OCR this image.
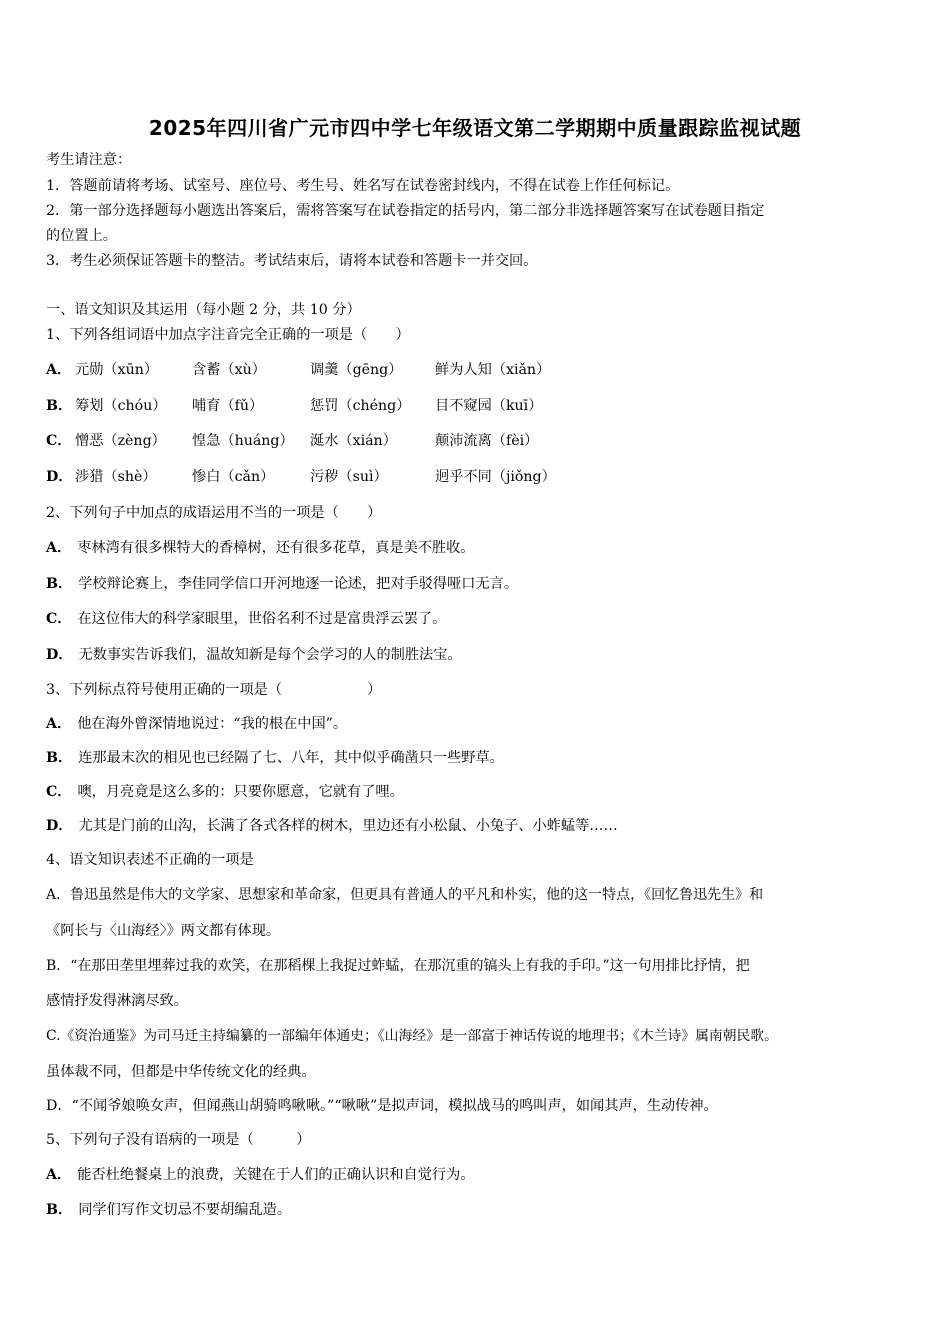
2025年四川省广元市四中学七年级语文第二学期期中质量跟踪监视试题
考生请注意：
1．答题前请将考场、试室号、座位号、考生号、姓名写在试卷密封线内，不得在试卷上作任何标记。
2．第一部分选择题每小题选出答案后，需将答案写在试卷指定的括号内，第二部分非选择题答案写在试卷题目指定
的位置上。
3．考生必须保证答题卡的整洁。考试结束后，请将本试卷和答题卡一并交回。
一、语文知识及其运用（每小题 2 分，共 10 分）
1、下列各组词语中加点字注音完全正确的一项是（　　）
A． 元勋（xūn） 含蓄（xù）	调羹（gēng） 鲜为人知（xiǎn）
B． 筹划（chóu） 哺育（fǔ）	惩罚（chéng） 目不窥园（kuī）
C． 憎恶（zèng） 惶急（huáng） 涎水（xián）	颠沛流离（fèi）
D． 涉猎（shè） 惨白（cǎn）	污秽（suì）	迥乎不同（jiǒng）
2、下列句子中加点的成语运用不当的一项是（　　）
A． 枣林湾有很多棵特大的香樟树，还有很多花草，真是美不胜收。
B． 学校辩论赛上，李佳同学信口开河地逐一论述，把对手驳得哑口无言。
C． 在这位伟大的科学家眼里，世俗名利不过是富贵浮云罢了。
D． 无数事实告诉我们，温故知新是每个会学习的人的制胜法宝。
3、下列标点符号使用正确的一项是（　　　　　　）
A． 他在海外曾深情地说过：“我的根在中国”。
B． 连那最末次的相见也已经隔了七、八年，其中似乎确凿只一些野草。
C． 噢，月亮竟是这么多的：只要你愿意，它就有了哩。
D． 尤其是门前的山沟，长满了各式各样的树木，里边还有小松鼠、小兔子、小蚱蜢等……
4、语文知识表述不正确的一项是
A．鲁迅虽然是伟大的文学家、思想家和革命家，但更具有普通人的平凡和朴实，他的这一特点，《回忆鲁迅先生》和
《阿长与〈山海经〉》两文都有体现。
B．“在那田垄里埋葬过我的欢笑，在那稻棵上我捉过蚱蜢，在那沉重的镐头上有我的手印。”这一句用排比抒情，把
感情抒发得淋漓尽致。
C.《资治通鉴》为司马迁主持编纂的一部编年体通史；《山海经》是一部富于神话传说的地理书；《木兰诗》属南朝民歌。
虽体裁不同，但都是中华传统文化的经典。
D．“不闻爷娘唤女声，但闻燕山胡骑鸣啾啾。”“啾啾”是拟声词，模拟战马的鸣叫声，如闻其声，生动传神。
5、下列句子没有语病的一项是（　　　）
A． 能否杜绝餐桌上的浪费，关键在于人们的正确认识和自觉行为。
B． 同学们写作文切忌不要胡编乱造。
